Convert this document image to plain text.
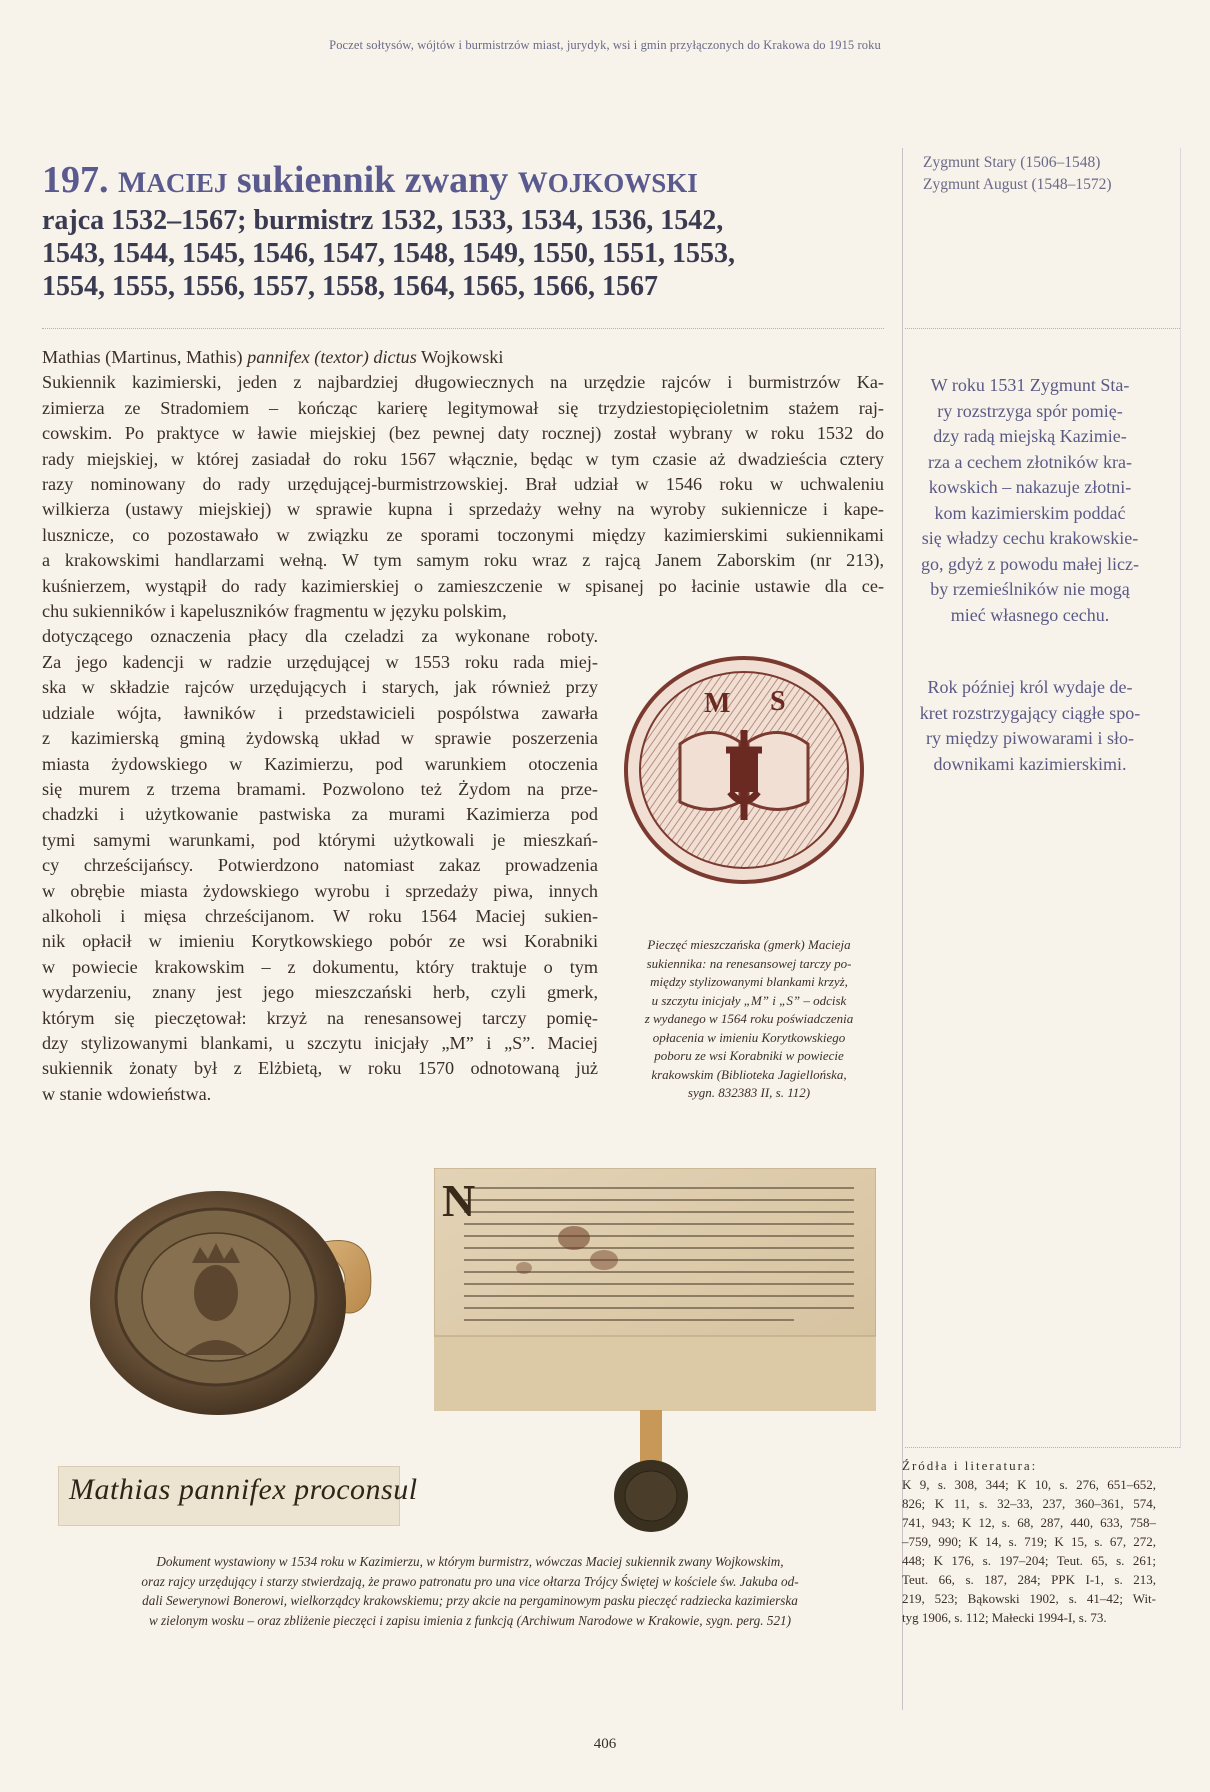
Poczet sołtysów, wójtów i burmistrzów miast, jurydyk, wsi i gmin przyłączonych do Krakowa do 1915 roku
Zygmunt Stary (1506–1548)
Zygmunt August (1548–1572)
197. Maciej sukiennik zwany Wojkowski
rajca 1532–1567; burmistrz 1532, 1533, 1534, 1536, 1542,
1543, 1544, 1545, 1546, 1547, 1548, 1549, 1550, 1551, 1553,
1554, 1555, 1556, 1557, 1558, 1564, 1565, 1566, 1567

Mathias (Martinus, Mathis) pannifex (textor) dictus Wojkowski

Sukiennik kazimierski, jeden z najbardziej długowiecznych na urzędzie rajców i burmistrzów Ka-
zimierza ze Stradomiem – kończąc karierę legitymował się trzydziestopięcioletnim stażem raj-
cowskim. Po praktyce w ławie miejskiej (bez pewnej daty rocznej) został wybrany w roku 1532 do
rady miejskiej, w której zasiadał do roku 1567 włącznie, będąc w tym czasie aż dwadzieścia cztery
razy nominowany do rady urzędującej-burmistrzowskiej. Brał udział w 1546 roku w uchwaleniu
wilkierza (ustawy miejskiej) w sprawie kupna i sprzedaży wełny na wyroby sukiennicze i kape-
lusznicze, co pozostawało w związku ze sporami toczonymi między kazimierskimi sukiennikami
a krakowskimi handlarzami wełną. W tym samym roku wraz z rajcą Janem Zaborskim (nr 213),
kuśnierzem, wystąpił do rady kazimierskiej o zamieszczenie w spisanej po łacinie ustawie dla ce-
chu sukienników i kapeluszników fragmentu w języku polskim,
dotyczącego oznaczenia płacy dla czeladzi za wykonane roboty.
Za jego kadencji w radzie urzędującej w 1553 roku rada miej-
ska w składzie rajców urzędujących i starych, jak również przy
udziale wójta, ławników i przedstawicieli pospólstwa zawarła
z kazimierską gminą żydowską układ w sprawie poszerzenia
miasta żydowskiego w Kazimierzu, pod warunkiem otoczenia
się murem z trzema bramami. Pozwolono też Żydom na prze-
chadzki i użytkowanie pastwiska za murami Kazimierza pod
tymi samymi warunkami, pod którymi użytkowali je mieszkań-
cy chrześcijańscy. Potwierdzono natomiast zakaz prowadzenia
w obrębie miasta żydowskiego wyrobu i sprzedaży piwa, innych
alkoholi i mięsa chrześcijanom. W roku 1564 Maciej sukien-
nik opłacił w imieniu Korytkowskiego pobór ze wsi Korabniki
w powiecie krakowskim – z dokumentu, który traktuje o tym
wydarzeniu, znany jest jego mieszczański herb, czyli gmerk,
którym się pieczętował: krzyż na renesansowej tarczy pomię-
dzy stylizowanymi blankami, u szczytu inicjały „M” i „S”. Maciej
sukiennik żonaty był z Elżbietą, w roku 1570 odnotowaną już
w stanie wdowieństwa.
W roku 1531 Zygmunt Sta-
ry rozstrzyga spór pomię-
dzy radą miejską Kazimie-
rza a cechem złotników kra-
kowskich – nakazuje złotni-
kom kazimierskim poddać
się władzy cechu krakowskie-
go, gdyż z powodu małej licz-
by rzemieślników nie mogą
mieć własnego cechu.
Rok później król wydaje de-
kret rozstrzygający ciągłe spo-
ry między piwowarami i sło-
downikami kazimierskimi.
M S
Pieczęć mieszczańska (gmerk) Macieja
sukiennika: na renesansowej tarczy po-
między stylizowanymi blankami krzyż,
u szczytu inicjały „M” i „S” – odcisk
z wydanego w 1564 roku poświadczenia
opłacenia w imieniu Korytkowskiego
poboru ze wsi Korabniki w powiecie
krakowskim (Biblioteka Jagiellońska,
sygn. 832383 II, s. 112)
Mathias pannifex proconsul
N
Dokument wystawiony w 1534 roku w Kazimierzu, w którym burmistrz, wówczas Maciej sukiennik zwany Wojkowskim,
oraz rajcy urzędujący i starzy stwierdzają, że prawo patronatu pro una vice ołtarza Trójcy Świętej w kościele św. Jakuba od-
dali Sewerynowi Bonerowi, wielkorządcy krakowskiemu; przy akcie na pergaminowym pasku pieczęć radziecka kazimierska
w zielonym wosku – oraz zbliżenie pieczęci i zapisu imienia z funkcją (Archiwum Narodowe w Krakowie, sygn. perg. 521)
Źródła i literatura:
K 9, s. 308, 344; K 10, s. 276, 651–652,
826; K 11, s. 32–33, 237, 360–361, 574,
741, 943; K 12, s. 68, 287, 440, 633, 758–
–759, 990; K 14, s. 719; K 15, s. 67, 272,
448; K 176, s. 197–204; Teut. 65, s. 261;
Teut. 66, s. 187, 284; PPK I-1, s. 213,
219, 523; Bąkowski 1902, s. 41–42; Wit-
tyg 1906, s. 112; Małecki 1994-I, s. 73.
406
